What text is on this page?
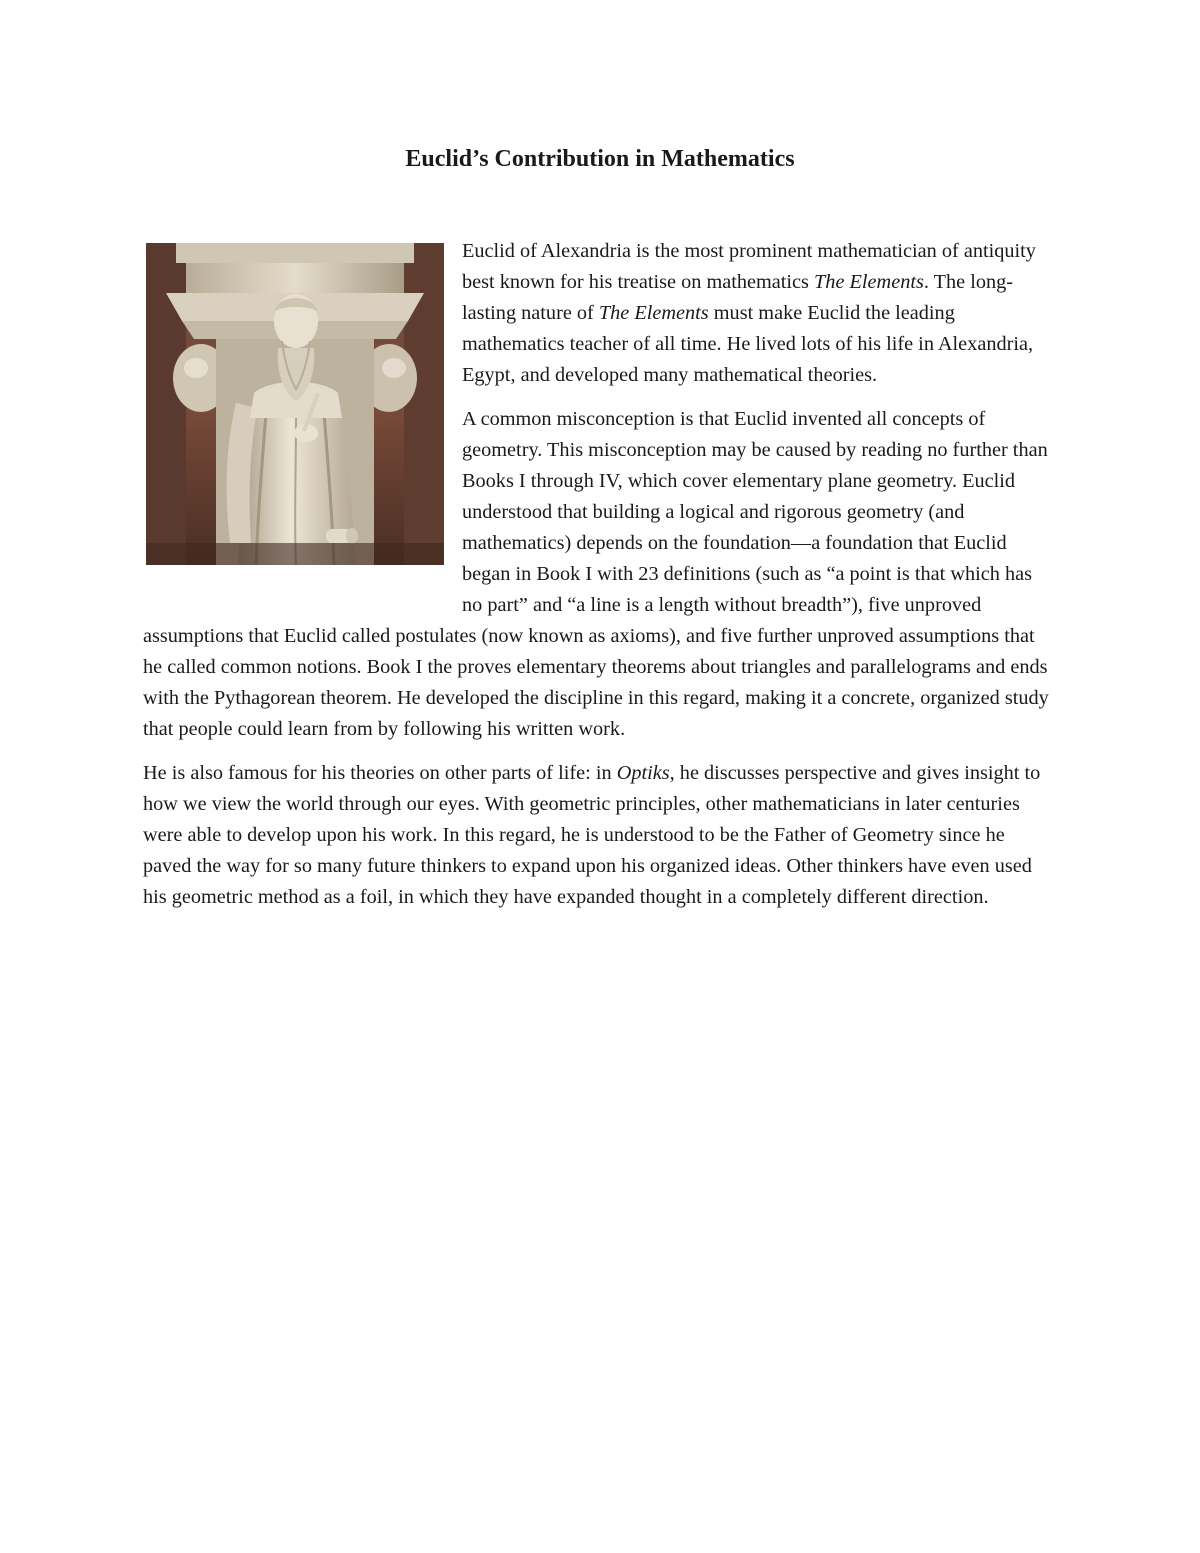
Euclid’s Contribution in Mathematics

Euclid of Alexandria is the most prominent mathematician of antiquity best known for his treatise on mathematics The Elements. The long-lasting nature of The Elements must make Euclid the leading mathematics teacher of all time. He lived lots of his life in Alexandria, Egypt, and developed many mathematical theories.

A common misconception is that Euclid invented all concepts of geometry. This misconception may be caused by reading no further than Books I through IV, which cover elementary plane geometry. Euclid understood that building a logical and rigorous geometry (and mathematics) depends on the foundation—a foundation that Euclid began in Book I with 23 definitions (such as “a point is that which has no part” and “a line is a length without breadth”), five unproved assumptions that Euclid called postulates (now known as axioms), and five further unproved assumptions that he called common notions. Book I the proves elementary theorems about triangles and parallelograms and ends with the Pythagorean theorem. He developed the discipline in this regard, making it a concrete, organized study that people could learn from by following his written work.

He is also famous for his theories on other parts of life: in Optiks, he discusses perspective and gives insight to how we view the world through our eyes. With geometric principles, other mathematicians in later centuries were able to develop upon his work. In this regard, he is understood to be the Father of Geometry since he paved the way for so many future thinkers to expand upon his organized ideas. Other thinkers have even used his geometric method as a foil, in which they have expanded thought in a completely different direction.
